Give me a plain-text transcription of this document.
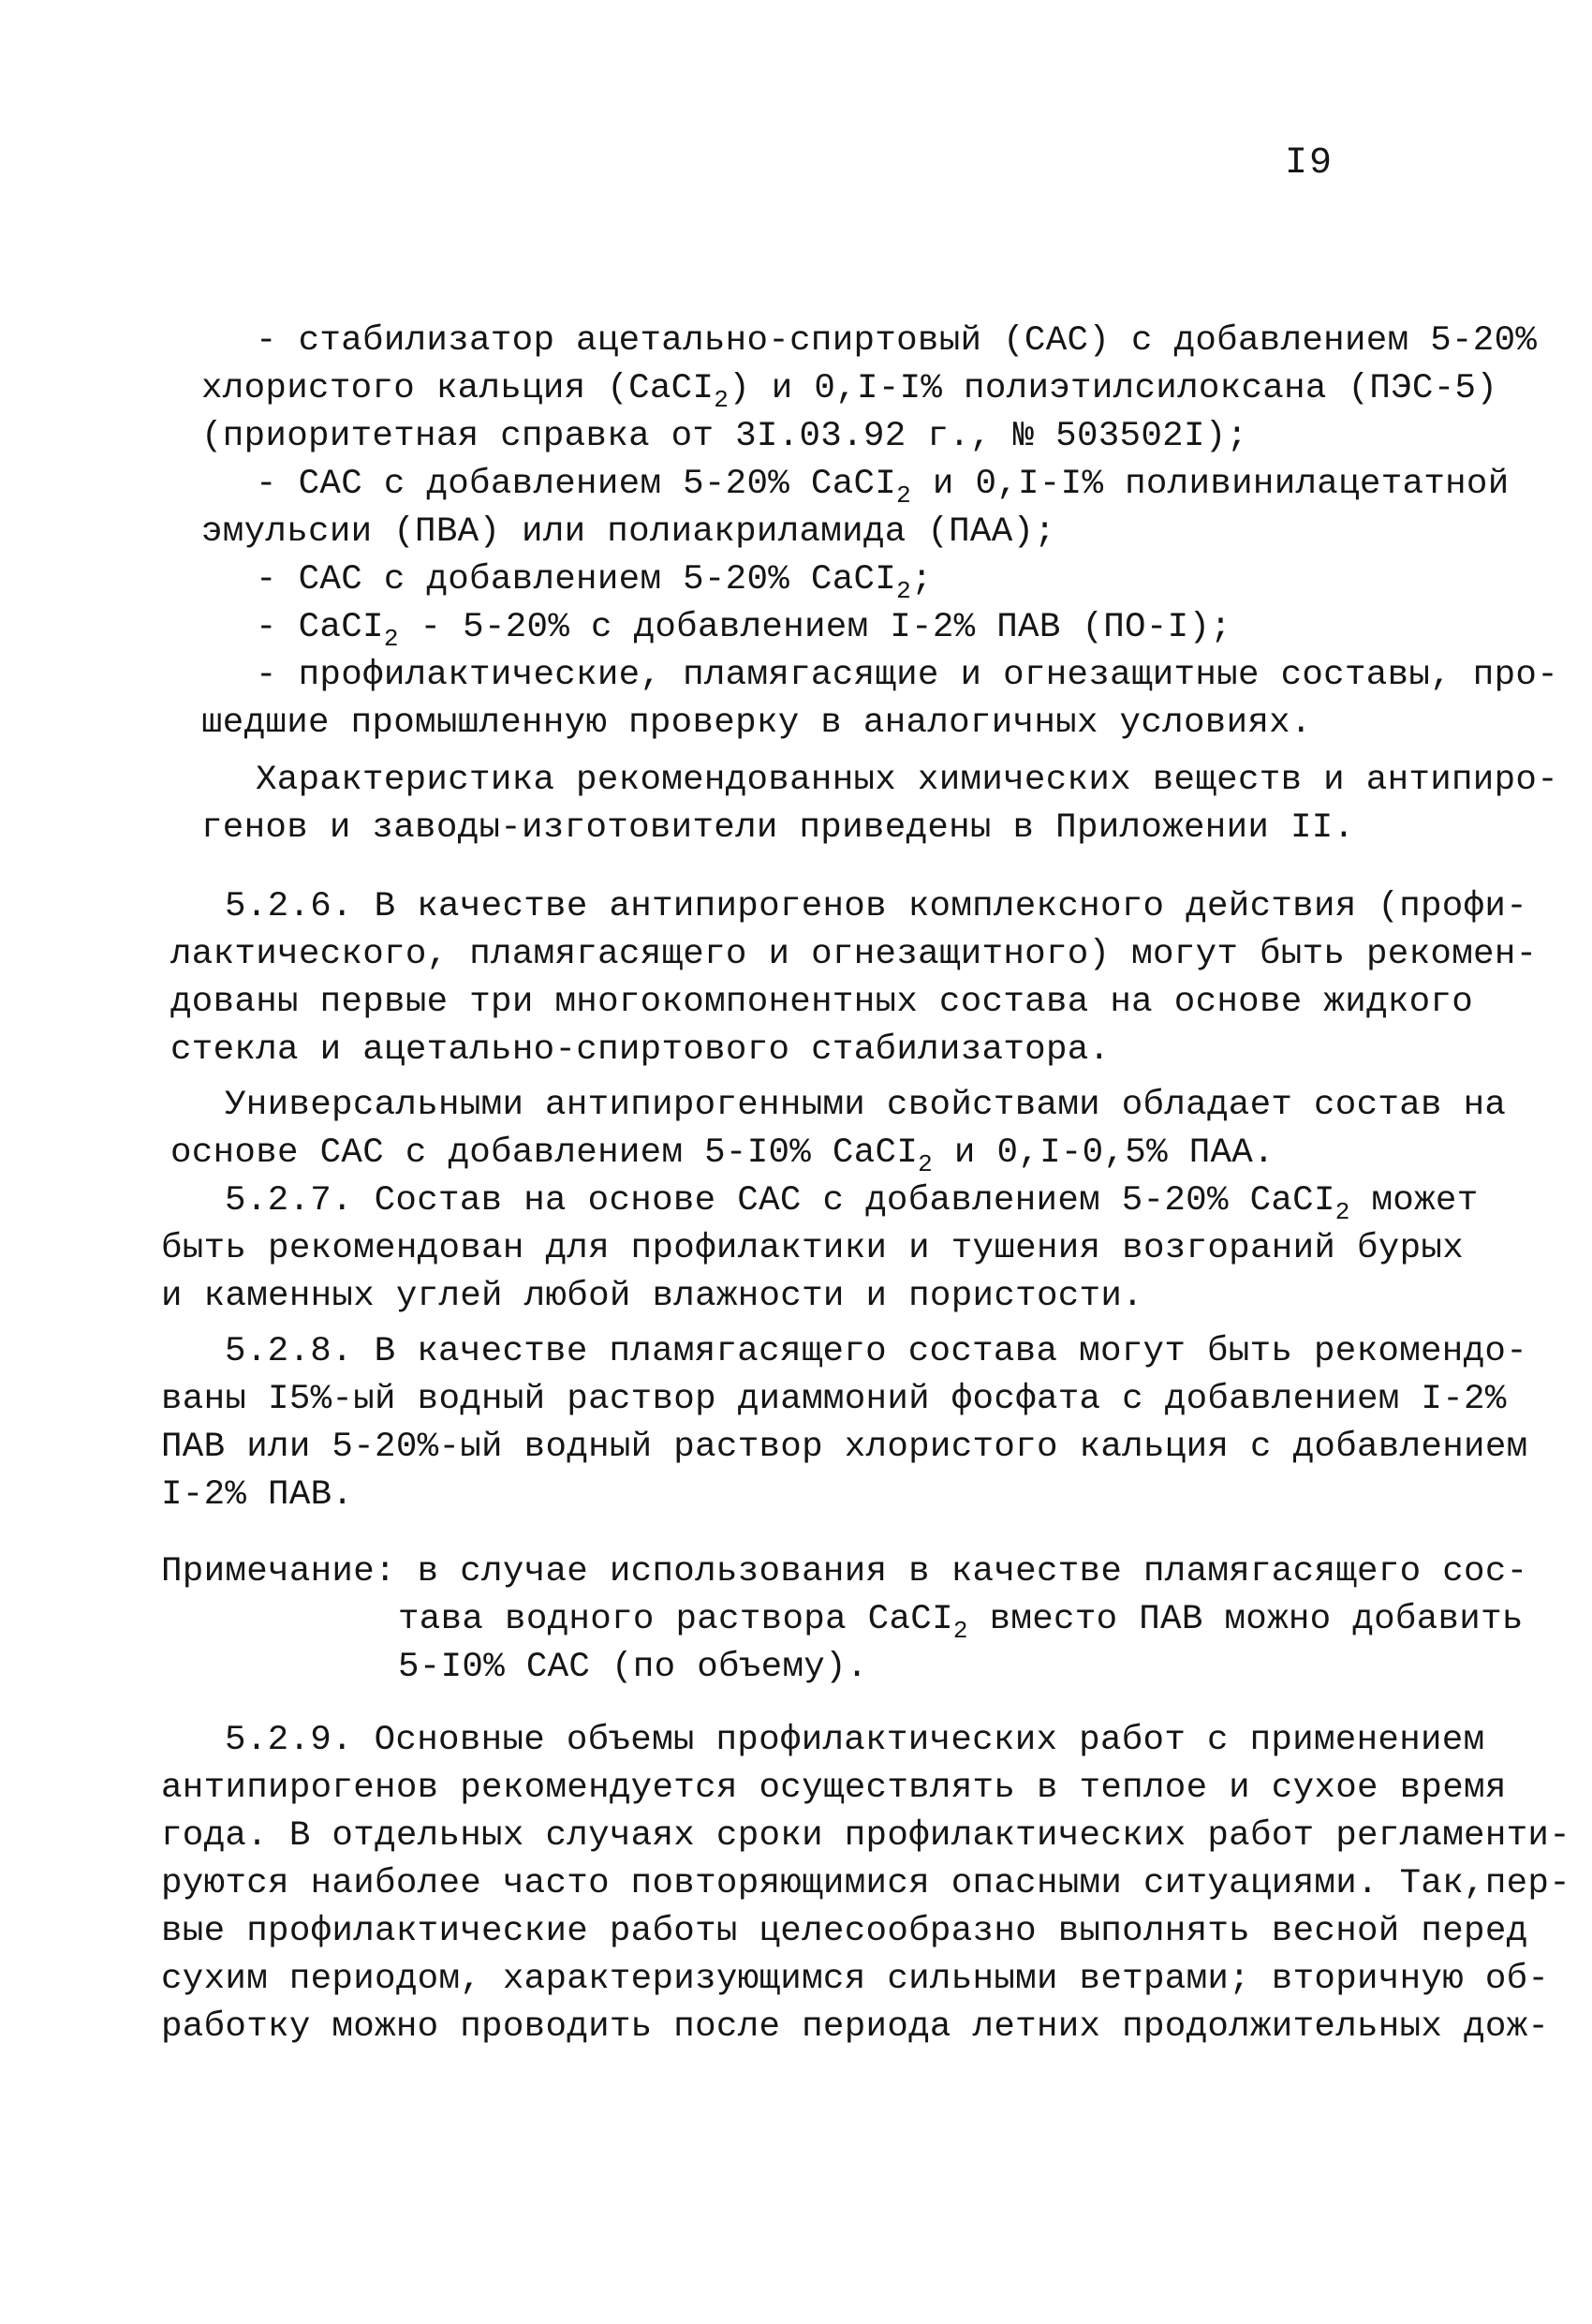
I9
- стабилизатор ацетально-спиртовый (САС) с добавлением 5-20%
хлористого кальция (CaCI$_2$) и 0,I-I% полиэтилсилоксана (ПЭС-5)
(приоритетная справка от 3I.03.92 г., № 503502I);
- САС с добавлением 5-20% CaCI$_2$ и 0,I-I% поливинилацетатной
эмульсии (ПВА) или полиакриламида (ПАА);
- САС с добавлением 5-20% CaCI$_2$;
- CaCI$_2$ - 5-20% с добавлением I-2% ПАВ (ПО-I);
- профилактические, пламягасящие и огнезащитные составы, про-
шедшие промышленную проверку в аналогичных условиях.
Характеристика рекомендованных химических веществ и антипиро-
генов и заводы-изготовители приведены в Приложении II.
5.2.6. В качестве антипирогенов комплексного действия (профи-
лактического, пламягасящего и огнезащитного) могут быть рекомен-
дованы первые три многокомпонентных состава на основе жидкого
стекла и ацетально-спиртового стабилизатора.
Универсальными антипирогенными свойствами обладает состав на
основе САС с добавлением 5-I0% CaCI$_2$ и 0,I-0,5% ПАА.
5.2.7. Состав на основе САС с добавлением 5-20% CaCI$_2$ может
быть рекомендован для профилактики и тушения возгораний бурых
и каменных углей любой влажности и пористости.
5.2.8. В качестве пламягасящего состава могут быть рекомендо-
ваны I5%-ый водный раствор диаммоний фосфата с добавлением I-2%
ПАВ или 5-20%-ый водный раствор хлористого кальция с добавлением
I-2% ПАВ.
Примечание: в случае использования в качестве пламягасящего сос-
тава водного раствора CaCI$_2$ вместо ПАВ можно добавить
5-I0% САС (по объему).
5.2.9. Основные объемы профилактических работ с применением
антипирогенов рекомендуется осуществлять в теплое и сухое время
года. В отдельных случаях сроки профилактических работ регламенти-
руются наиболее часто повторяющимися опасными ситуациями. Так,пер-
вые профилактические работы целесообразно выполнять весной перед
сухим периодом, характеризующимся сильными ветрами; вторичную об-
работку можно проводить после периода летних продолжительных дож-
